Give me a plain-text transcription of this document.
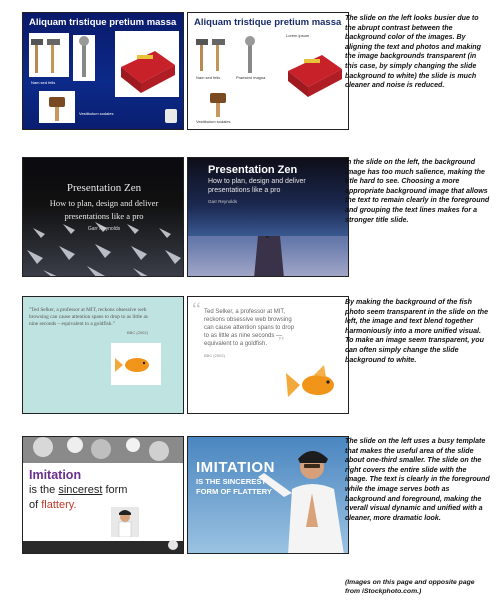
Aliquam tristique pretium massa
Nam sed felis
Vestibulum sodales
Aliquam tristique pretium massa
Nam sed felis	Praesent magna
Lorem ipsum
Vestibulum sodales
The slide on the left looks busier due to the abrupt contrast between the background color of the images. By aligning the text and photos and making the image backgrounds transparent (in this case, by simply changing the slide background to white) the slide is much cleaner and noise is reduced.
Presentation Zen
How to plan, design and deliver
presentations like a pro
Garr Reynolds
Presentation Zen
How to plan, design and deliver
presentations like a pro
Garr Reynolds
In the slide on the left, the background image has too much salience, making the title hard to see. Choosing a more appropriate background image that allows the text to remain clearly in the foreground and grouping the text lines makes for a stronger title slide.
"Ted Selker, a professor at MIT, reckons obsessive web
browsing can cause attention spans to drop to as little as
nine seconds – equivalent to a goldfish."
BBC (2002)
“ Ted Selker, a professor at MIT,
reckons obsessive web browsing
can cause attention spans to drop
to as little as nine seconds —
equivalent to a goldfish. ”
BBC (2002)
By making the background of the fish photo seem transparent in the slide on the left, the image and text blend together harmoniously into a more unified visual. To make an image seem transparent, you can often simply change the slide background to white.
Imitation
is the sincerest form
of flattery.
IMITATION
IS THE SINCEREST
FORM OF FLATTERY
The slide on the left uses a busy template that makes the useful area of the slide about one-third smaller. The slide on the right covers the entire slide with the image. The text is clearly in the foreground while the image serves both as background and foreground, making the overall visual dynamic and unified with a cleaner, more dramatic look.
(Images on this page and opposite page from iStockphoto.com.)
